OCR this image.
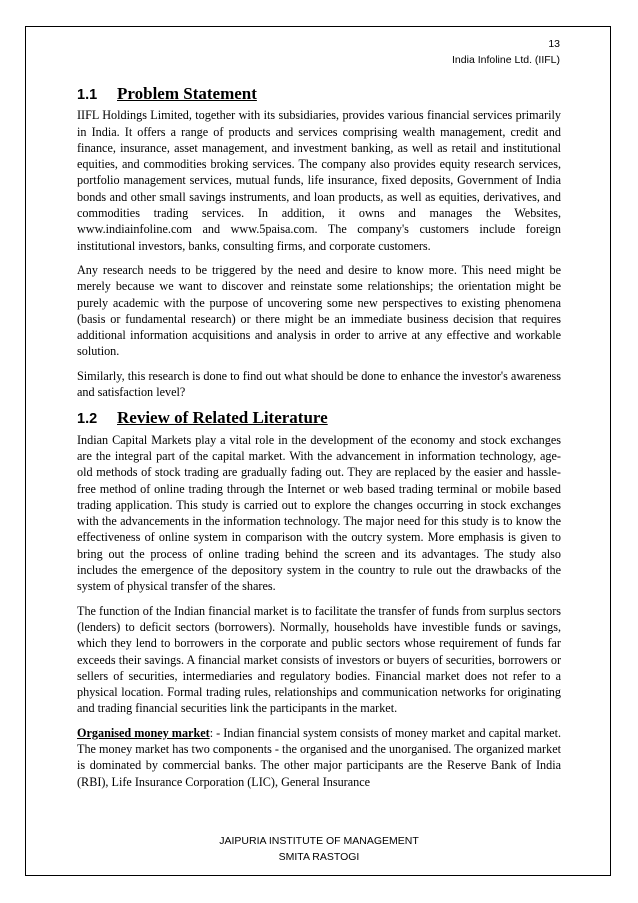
13
India Infoline Ltd. (IIFL)
1.1	Problem Statement

IIFL Holdings Limited, together with its subsidiaries, provides various financial services primarily in India. It offers a range of products and services comprising wealth management, credit and finance, insurance, asset management, and investment banking, as well as retail and institutional equities, and commodities broking services. The company also provides equity research services, portfolio management services, mutual funds, life insurance, fixed deposits, Government of India bonds and other small savings instruments, and loan products, as well as equities, derivatives, and commodities trading services. In addition, it owns and manages the Websites, www.indiainfoline.com and www.5paisa.com. The company's customers include foreign institutional investors, banks, consulting firms, and corporate customers.

Any research needs to be triggered by the need and desire to know more. This need might be merely because we want to discover and reinstate some relationships; the orientation might be purely academic with the purpose of uncovering some new perspectives to existing phenomena (basis or fundamental research) or there might be an immediate business decision that requires additional information acquisitions and analysis in order to arrive at any effective and workable solution.

Similarly, this research is done to find out what should be done to enhance the investor's awareness and satisfaction level?

1.2	Review of Related Literature

Indian Capital Markets play a vital role in the development of the economy and stock exchanges are the integral part of the capital market. With the advancement in information technology, age-old methods of stock trading are gradually fading out. They are replaced by the easier and hassle-free method of online trading through the Internet or web based trading terminal or mobile based trading application. This study is carried out to explore the changes occurring in stock exchanges with the advancements in the information technology. The major need for this study is to know the effectiveness of online system in comparison with the outcry system. More emphasis is given to bring out the process of online trading behind the screen and its advantages. The study also includes the emergence of the depository system in the country to rule out the drawbacks of the system of physical transfer of the shares.

The function of the Indian financial market is to facilitate the transfer of funds from surplus sectors (lenders) to deficit sectors (borrowers). Normally, households have investible funds or savings, which they lend to borrowers in the corporate and public sectors whose requirement of funds far exceeds their savings. A financial market consists of investors or buyers of securities, borrowers or sellers of securities, intermediaries and regulatory bodies. Financial market does not refer to a physical location. Formal trading rules, relationships and communication networks for originating and trading financial securities link the participants in the market.

Organised money market: - Indian financial system consists of money market and capital market. The money market has two components - the organised and the unorganised. The organized market is dominated by commercial banks. The other major participants are the Reserve Bank of India (RBI), Life Insurance Corporation (LIC), General Insurance

JAIPURIA INSTITUTE OF MANAGEMENT
SMITA RASTOGI
